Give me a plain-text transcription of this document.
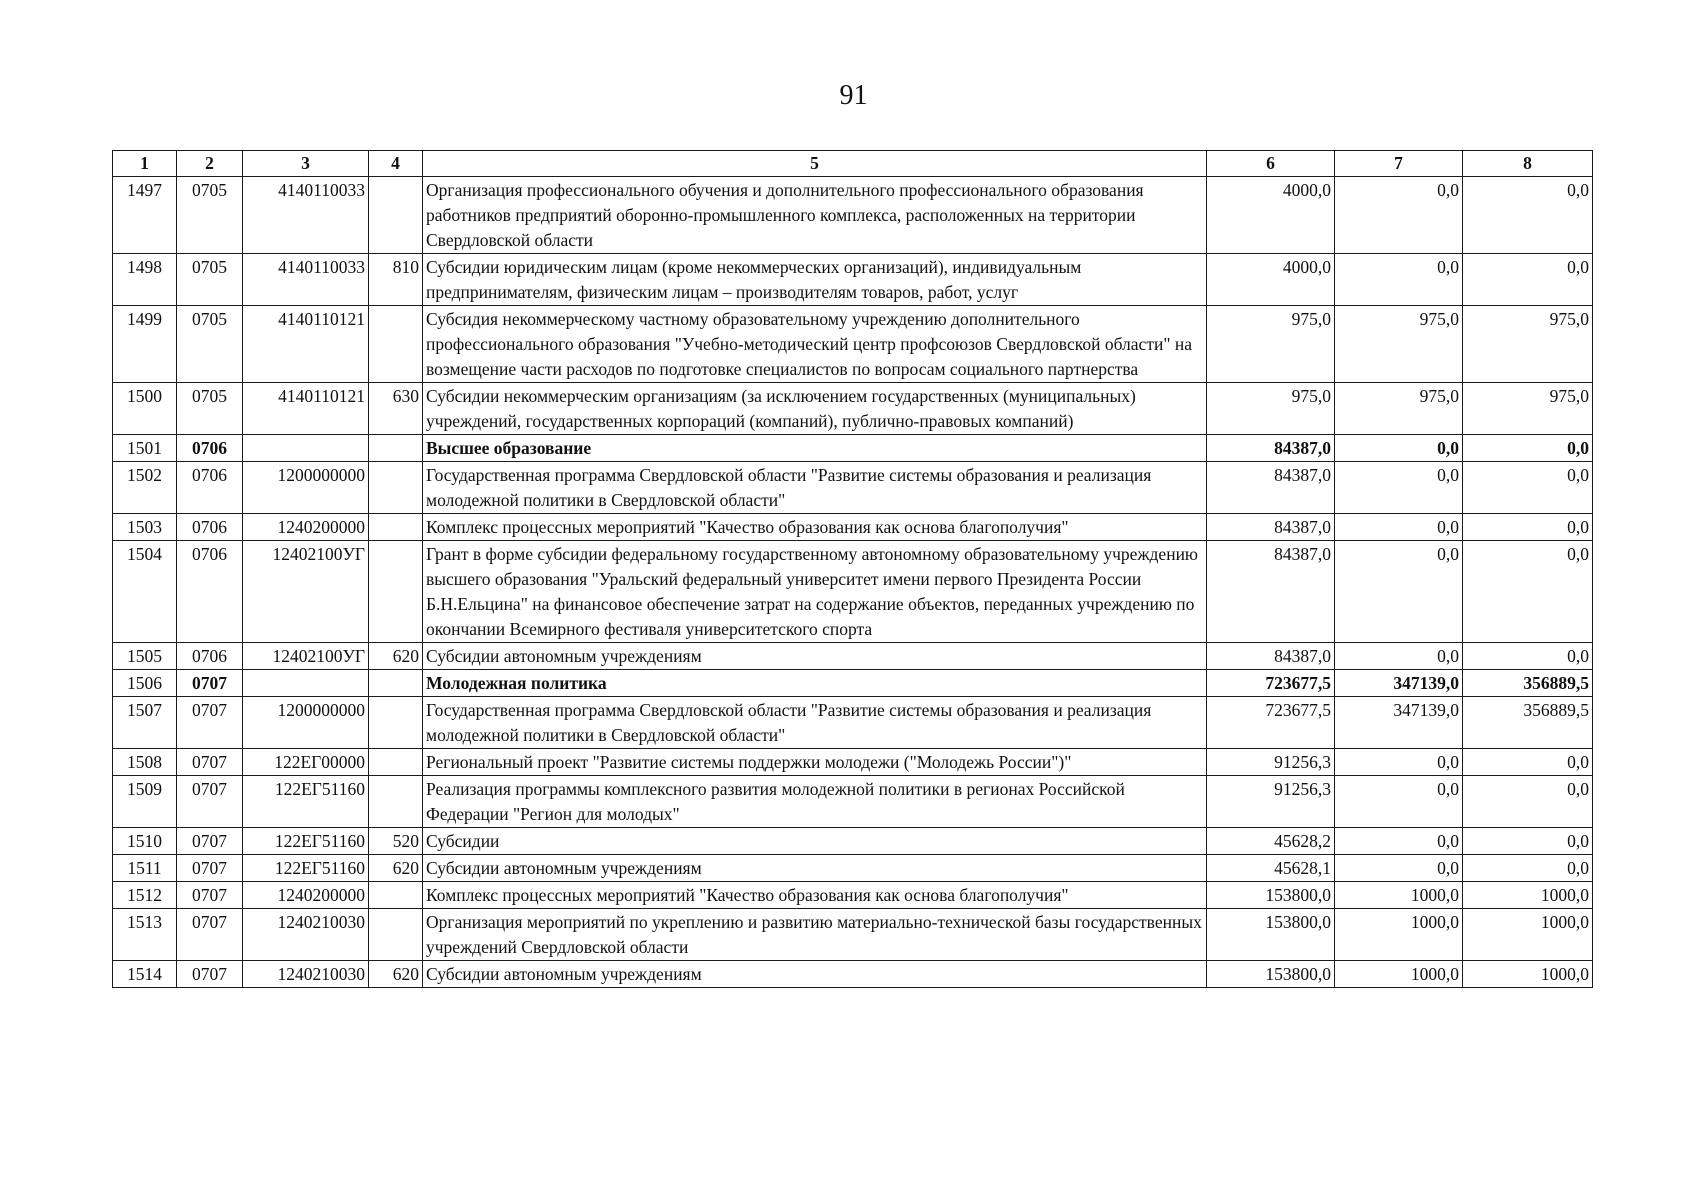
91
1	2	3	4	5	6	7	8
1497	0705	4140110033		Организация профессионального обучения и дополнительного профессионального образования работников предприятий оборонно-промышленного комплекса, расположенных на территории Свердловской области	4000,0	0,0	0,0
1498	0705	4140110033	810	Субсидии юридическим лицам (кроме некоммерческих организаций), индивидуальным предпринимателям, физическим лицам – производителям товаров, работ, услуг	4000,0	0,0	0,0
1499	0705	4140110121		Субсидия некоммерческому частному образовательному учреждению дополнительного профессионального образования "Учебно-методический центр профсоюзов Свердловской области" на возмещение части расходов по подготовке специалистов по вопросам социального партнерства	975,0	975,0	975,0
1500	0705	4140110121	630	Субсидии некоммерческим организациям (за исключением государственных (муниципальных) учреждений, государственных корпораций (компаний), публично-правовых компаний)	975,0	975,0	975,0
1501	0706			Высшее образование	84387,0	0,0	0,0
1502	0706	1200000000		Государственная программа Свердловской области "Развитие системы образования и реализация молодежной политики в Свердловской области"	84387,0	0,0	0,0
1503	0706	1240200000		Комплекс процессных мероприятий "Качество образования как основа благополучия"	84387,0	0,0	0,0
1504	0706	12402100УГ		Грант в форме субсидии федеральному государственному автономному образовательному учреждению высшего образования "Уральский федеральный университет имени первого Президента России Б.Н.Ельцина" на финансовое обеспечение затрат на содержание объектов, переданных учреждению по окончании Всемирного фестиваля университетского спорта	84387,0	0,0	0,0
1505	0706	12402100УГ	620	Субсидии автономным учреждениям	84387,0	0,0	0,0
1506	0707			Молодежная политика	723677,5	347139,0	356889,5
1507	0707	1200000000		Государственная программа Свердловской области "Развитие системы образования и реализация молодежной политики в Свердловской области"	723677,5	347139,0	356889,5
1508	0707	122ЕГ00000		Региональный проект "Развитие системы поддержки молодежи ("Молодежь России")"	91256,3	0,0	0,0
1509	0707	122ЕГ51160		Реализация программы комплексного развития молодежной политики в регионах Российской Федерации "Регион для молодых"	91256,3	0,0	0,0
1510	0707	122ЕГ51160	520	Субсидии	45628,2	0,0	0,0
1511	0707	122ЕГ51160	620	Субсидии автономным учреждениям	45628,1	0,0	0,0
1512	0707	1240200000		Комплекс процессных мероприятий "Качество образования как основа благополучия"	153800,0	1000,0	1000,0
1513	0707	1240210030		Организация мероприятий по укреплению и развитию материально-технической базы государственных учреждений Свердловской области	153800,0	1000,0	1000,0
1514	0707	1240210030	620	Субсидии автономным учреждениям	153800,0	1000,0	1000,0
